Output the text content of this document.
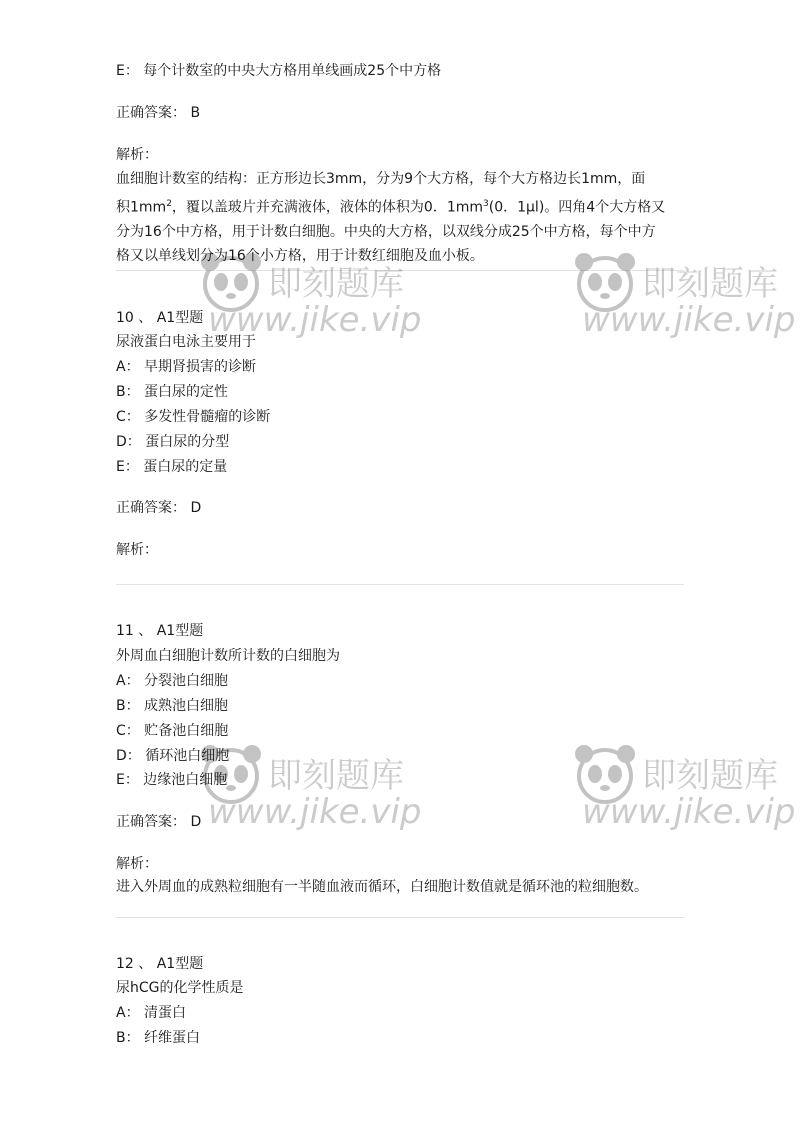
E： 每个计数室的中央大方格用单线画成25个中方格
正确答案： B
解析：
血细胞计数室的结构：正方形边长3mm，分为9个大方格，每个大方格边长1mm，面
积$1mm^2$，覆以盖玻片并充满液体，液体的体积为0．$1mm^3(0$．1μl)。四角4个大方格又
分为16个中方格，用于计数白细胞。中央的大方格，以双线分成25个中方格，每个中方
格又以单线划分为16个小方格，用于计数红细胞及血小板。
10 、 A1型题
尿液蛋白电泳主要用于
A： 早期肾损害的诊断
B： 蛋白尿的定性
C： 多发性骨髓瘤的诊断
D： 蛋白尿的分型
E： 蛋白尿的定量
正确答案： D
解析：
11 、 A1型题
外周血白细胞计数所计数的白细胞为
A： 分裂池白细胞
B： 成熟池白细胞
C： 贮备池白细胞
D： 循环池白细胞
E： 边缘池白细胞
正确答案： D
解析：
进入外周血的成熟粒细胞有一半随血液而循环，白细胞计数值就是循环池的粒细胞数。
12 、 A1型题
尿hCG的化学性质是
A： 清蛋白
B： 纤维蛋白
即刻题库
www.jike.vip
即刻题库
www.jike.vip
即刻题库
www.jike.vip
即刻题库
www.jike.vip
